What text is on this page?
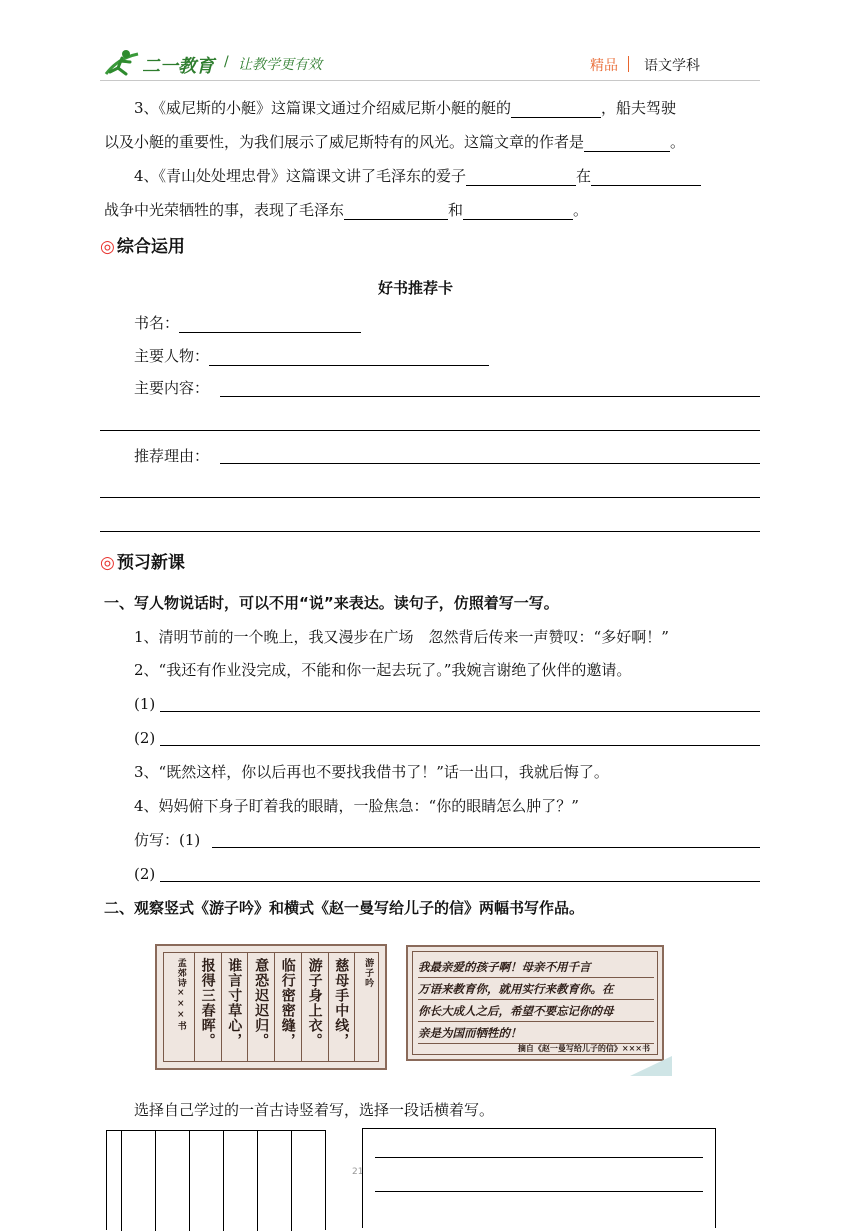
二一教育 / 让教学更有效	精品 语文学科
3、《威尼斯的小艇》这篇课文通过介绍威尼斯小艇的艇的	，船夫驾驶
以及小艇的重要性，为我们展示了威尼斯特有的风光。这篇文章的作者是	。
4、《青山处处埋忠骨》这篇课文讲了毛泽东的爱子	在
战争中光荣牺牲的事，表现了毛泽东	和	。
◎ 综合运用
好书推荐卡
书名：
主要人物：
主要内容：
推荐理由：
◎ 预习新课
一、写人物说话时，可以不用“说”来表达。读句子，仿照着写一写。
1、清明节前的一个晚上，我又漫步在广场　忽然背后传来一声赞叹：“多好啊！”
2、“我还有作业没完成，不能和你一起去玩了。”我婉言谢绝了伙伴的邀请。
(1)
(2)
3、“既然这样，你以后再也不要找我借书了！”话一出口，我就后悔了。
4、妈妈俯下身子盯着我的眼睛，一脸焦急：“你的眼睛怎么肿了？”
仿写：(1)
(2)
二、观察竖式《游子吟》和横式《赵一曼写给儿子的信》两幅书写作品。
游子吟
慈母手中线，
游子身上衣。
临行密密缝，
意恐迟迟归。
谁言寸草心，
报得三春晖。
孟郊诗×××书	我最亲爱的孩子啊！母亲不用千言
万语来教育你，就用实行来教育你。在
你长大成人之后，希望不要忘记你的母
亲是为国而牺牲的！
摘自《赵一曼写给儿子的信》×××书
选择自己学过的一首古诗竖着写，选择一段话横着写。
21
